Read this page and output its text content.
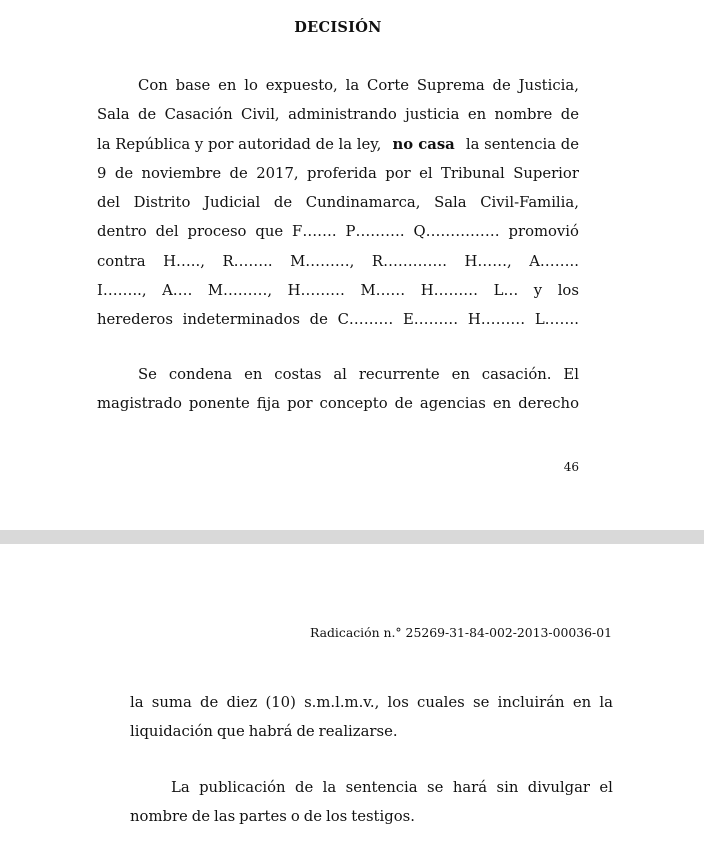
DECISIÓN
Con base en lo expuesto, la Corte Suprema de Justicia,
Sala de Casación Civil, administrando justicia en nombre de
la República y por autoridad de la ley, no casa la sentencia de
9 de noviembre de 2017, proferida por el Tribunal Superior
del Distrito Judicial de Cundinamarca, Sala Civil-Familia,
dentro del proceso que F……. P………. Q…………… promovió
contra H….., R…….. M………, R…………. H……, A……..
I…….., A…. M………, H……… M…… H……… L… y los
herederos indeterminados de C……… E……… H……… L…….
Se condena en costas al recurrente en casación. El
magistrado ponente fija por concepto de agencias en derecho
46
Radicación n.° 25269-31-84-002-2013-00036-01
la suma de diez (10) s.m.l.m.v., los cuales se incluirán en la
liquidación que habrá de realizarse.
La publicación de la sentencia se hará sin divulgar el
nombre de las partes o de los testigos.
